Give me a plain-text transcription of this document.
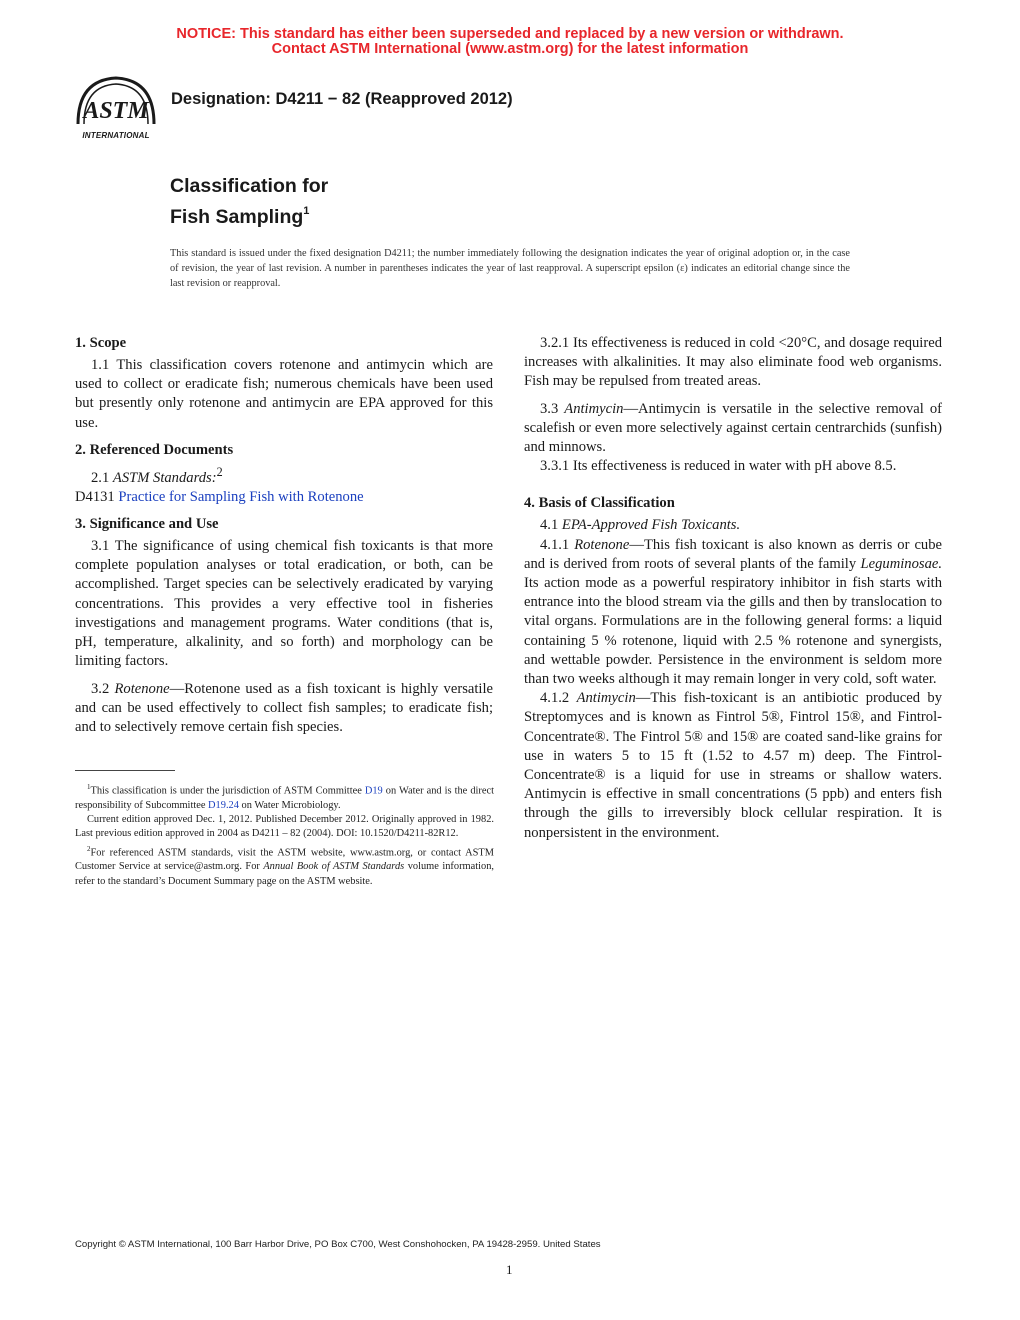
NOTICE: This standard has either been superseded and replaced by a new version or withdrawn.
Contact ASTM International (www.astm.org) for the latest information
ASTM
INTERNATIONAL
Designation: D4211 − 82 (Reapproved 2012)
Classification for
Fish Sampling$^1$
This standard is issued under the fixed designation D4211; the number immediately following the designation indicates the year of original adoption or, in the case of revision, the year of last revision. A number in parentheses indicates the year of last reapproval. A superscript epsilon (ε) indicates an editorial change since the last revision or reapproval.
1. Scope

1.1 This classification covers rotenone and antimycin which are used to collect or eradicate fish; numerous chemicals have been used but presently only rotenone and antimycin are EPA approved for this use.

2. Referenced Documents

2.1 ASTM Standards:$^2$

D4131 Practice for Sampling Fish with Rotenone

3. Significance and Use

3.1 The significance of using chemical fish toxicants is that more complete population analyses or total eradication, or both, can be accomplished. Target species can be selectively eradicated by varying concentrations. This provides a very effective tool in fisheries investigations and management programs. Water conditions (that is, pH, temperature, alkalinity, and so forth) and morphology can be limiting factors.

3.2 Rotenone—Rotenone used as a fish toxicant is highly versatile and can be used effectively to collect fish samples; to eradicate fish; and to selectively remove certain fish species.

$^1$This classification is under the jurisdiction of ASTM Committee D19 on Water and is the direct responsibility of Subcommittee D19.24 on Water Microbiology.

Current edition approved Dec. 1, 2012. Published December 2012. Originally approved in 1982. Last previous edition approved in 2004 as D4211 – 82 (2004). DOI: 10.1520/D4211-82R12.

$^2$For referenced ASTM standards, visit the ASTM website, www.astm.org, or contact ASTM Customer Service at service@astm.org. For Annual Book of ASTM Standards volume information, refer to the standard’s Document Summary page on the ASTM website.

3.2.1 Its effectiveness is reduced in cold <20°C, and dosage required increases with alkalinities. It may also eliminate food web organisms. Fish may be repulsed from treated areas.

3.3 Antimycin—Antimycin is versatile in the selective removal of scalefish or even more selectively against certain centrarchids (sunfish) and minnows.

3.3.1 Its effectiveness is reduced in water with pH above 8.5.

4. Basis of Classification

4.1 EPA-Approved Fish Toxicants.

4.1.1 Rotenone—This fish toxicant is also known as derris or cube and is derived from roots of several plants of the family Leguminosae. Its action mode as a powerful respiratory inhibitor in fish starts with entrance into the blood stream via the gills and then by translocation to vital organs. Formulations are in the following general forms: a liquid containing 5 % rotenone, liquid with 2.5 % rotenone and synergists, and wettable powder. Persistence in the environment is seldom more than two weeks although it may remain longer in very cold, soft water.

4.1.2 Antimycin—This fish-toxicant is an antibiotic produced by Streptomyces and is known as Fintrol 5®, Fintrol 15®, and Fintrol-Concentrate®. The Fintrol 5® and 15® are coated sand-like grains for use in waters 5 to 15 ft (1.52 to 4.57 m) deep. The Fintrol-Concentrate® is a liquid for use in streams or shallow waters. Antimycin is effective in small concentrations (5 ppb) and enters fish through the gills to irreversibly block cellular respiration. It is nonpersistent in the environment.

Copyright © ASTM International, 100 Barr Harbor Drive, PO Box C700, West Conshohocken, PA 19428-2959. United States
1
